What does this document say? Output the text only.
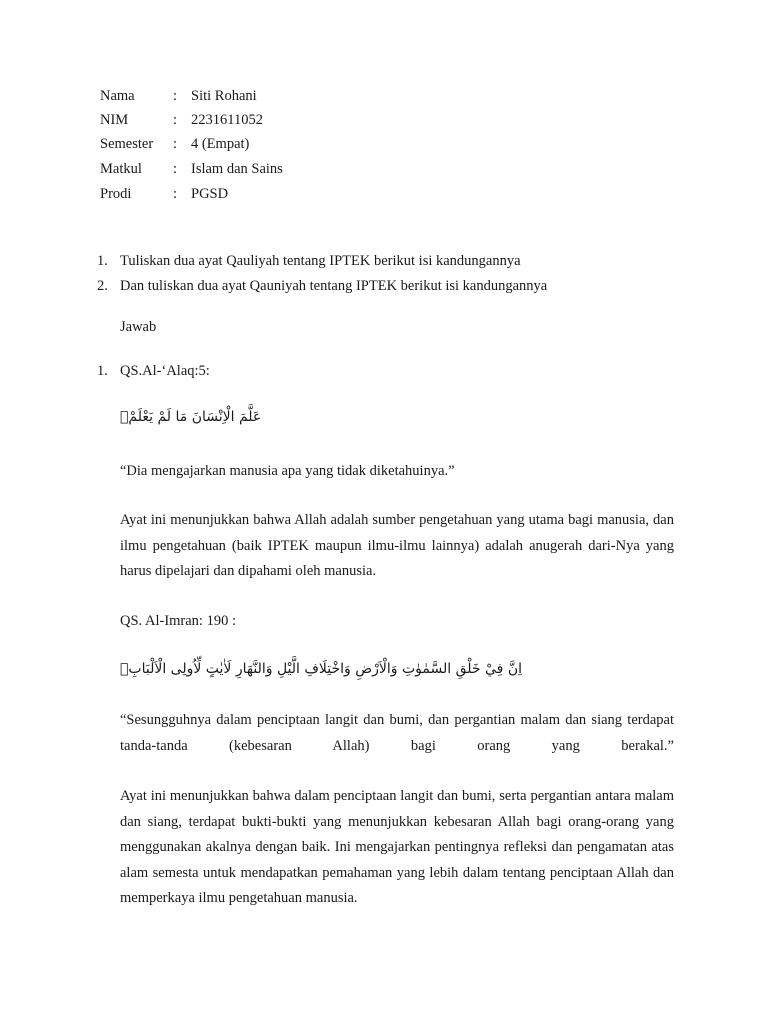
Nama	: Siti Rohani
NIM	: 2231611052
Semester : 4 (Empat)
Matkul : Islam dan Sains
Prodi	: PGSD
1. Tuliskan dua ayat Qauliyah tentang IPTEK berikut isi kandungannya
2. Dan tuliskan dua ayat Qauniyah tentang IPTEK berikut isi kandungannya
Jawab
1. QS.Al-‘Alaq:5:
عَلَّمَ الْاِنْسَانَ مَا لَمْ يَعْلَمْۗ
“Dia mengajarkan manusia apa yang tidak diketahuinya.”
Ayat ini menunjukkan bahwa Allah adalah sumber pengetahuan yang utama bagi manusia, dan ilmu pengetahuan (baik IPTEK maupun ilmu-ilmu lainnya) adalah anugerah dari-Nya yang harus dipelajari dan dipahami oleh manusia.
QS. Al-Imran: 190 :
اِنَّ فِيْ خَلْقِ السَّمٰوٰتِ وَالْاَرْضِ وَاخْتِلَافِ الَّيْلِ وَالنَّهَارِ لَاٰيٰتٍ لِّاُولِى الْاَلْبَابِۙ
“Sesungguhnya dalam penciptaan langit dan bumi, dan pergantian malam dan siang terdapat tanda-tanda (kebesaran Allah) bagi orang yang berakal.”
Ayat ini menunjukkan bahwa dalam penciptaan langit dan bumi, serta pergantian antara malam dan siang, terdapat bukti-bukti yang menunjukkan kebesaran Allah bagi orang-orang yang menggunakan akalnya dengan baik. Ini mengajarkan pentingnya refleksi dan pengamatan atas alam semesta untuk mendapatkan pemahaman yang lebih dalam tentang penciptaan Allah dan memperkaya ilmu pengetahuan manusia.
